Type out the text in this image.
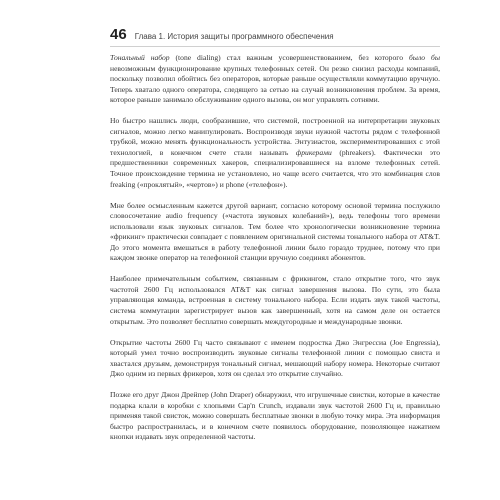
46 Глава 1. История защиты программного обеспечения

Тональный набор (tone dialing) стал важным усовершенствованием, без которого было бы невозможным функционирование крупных телефонных сетей. Он резко снизил расходы компаний, поскольку позволил обойтись без операторов, которые раньше осуществляли коммутацию вручную. Теперь хватало одного оператора, следящего за сетью на случай возникновения проблем. За время, которое раньше занимало обслуживание одного вызова, он мог управлять сотнями.

Но быстро нашлись люди, сообразившие, что системой, построенной на интерпретации звуковых сигналов, можно легко манипулировать. Воспроизводя звуки нужной частоты рядом с телефонной трубкой, можно менять функциональность устройства. Энтузиастов, экспериментировавших с этой технологией, в конечном счете стали называть фрикерами (phreakers). Фактически это предшественники современных хакеров, специализировавшиеся на взломе телефонных сетей. Точное происхождение термина не установлено, но чаще всего считается, что это комбинация слов freaking («проклятый», «чертов») и phone («телефон»).

Мне более осмысленным кажется другой вариант, согласно которому основой термина послужило словосочетание audio frequency («частота звуковых колебаний»), ведь телефоны того времени использовали язык звуковых сигналов. Тем более что хронологически возникновение термина «фрикинг» практически совпадает с появлением оригинальной системы тонального набора от AT&T. До этого момента вмешаться в работу телефонной линии было гораздо труднее, потому что при каждом звонке оператор на телефонной станции вручную соединял абонентов.

Наиболее примечательным событием, связанным с фрикингом, стало открытие того, что звук частотой 2600 Гц использовался AT&T как сигнал завершения вызова. По сути, это была управляющая команда, встроенная в систему тонального набора. Если издать звук такой частоты, система коммутации зарегистрирует вызов как завершенный, хотя на самом деле он остается открытым. Это позволяет бесплатно совершать междугородные и международные звонки.

Открытие частоты 2600 Гц часто связывают с именем подростка Джо Энгрессиа (Joe Engressia), который умел точно воспроизводить звуковые сигналы телефонной линии с помощью свиста и хвастался друзьям, демонстрируя тональный сигнал, мешающий набору номера. Некоторые считают Джо одним из первых фрикеров, хотя он сделал это открытие случайно.

Позже его друг Джон Дрейпер (John Draper) обнаружил, что игрушечные свистки, которые в качестве подарка клали в коробки с хлопьями Cap'n Crunch, издавали звук частотой 2600 Гц и, правильно применяя такой свисток, можно совершать бесплатные звонки в любую точку мира. Эта информация быстро распространилась, и в конечном счете появилось оборудование, позволяющее нажатием кнопки издавать звук определенной частоты.
